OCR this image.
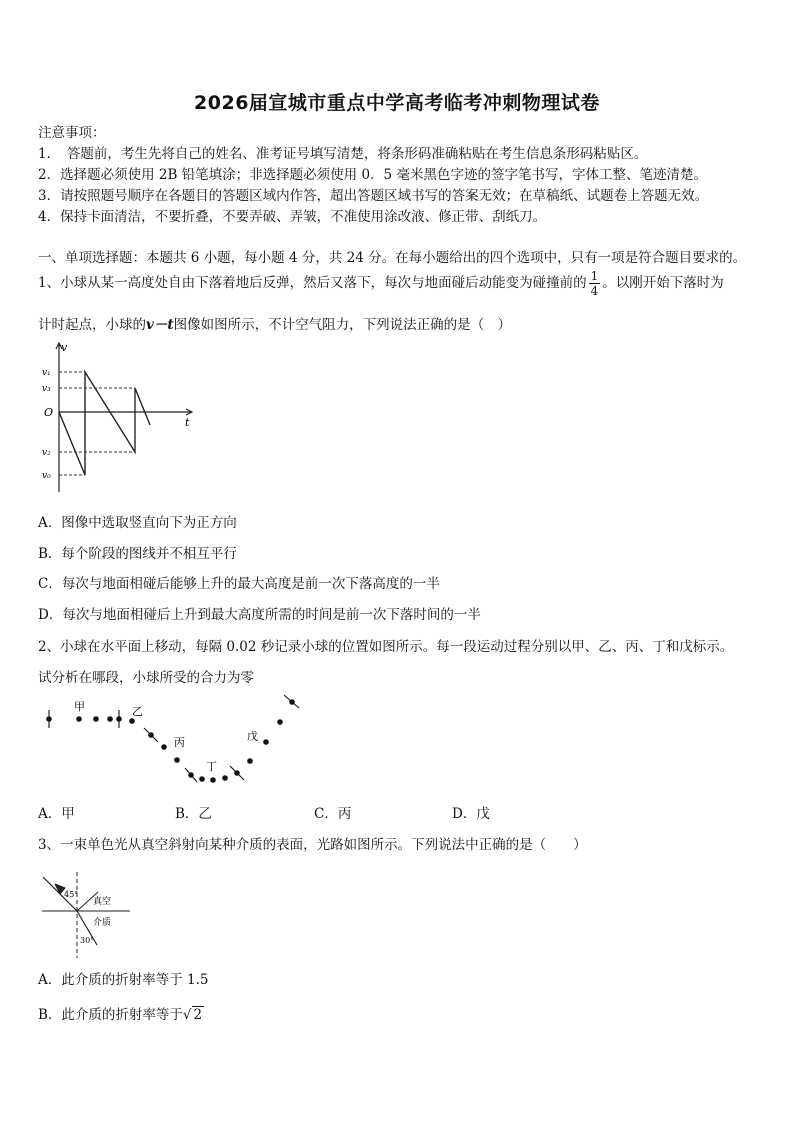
2026届宣城市重点中学高考临考冲刺物理试卷
注意事项：
1．　答题前，考生先将自己的姓名、准考证号填写清楚，将条形码准确粘贴在考生信息条形码粘贴区。
2．选择题必须使用 2B 铅笔填涂；非选择题必须使用 0．5 毫米黑色字迹的签字笔书写，字体工整、笔迹清楚。
3．请按照题号顺序在各题目的答题区域内作答，超出答题区域书写的答案无效；在草稿纸、试题卷上答题无效。
4．保持卡面清洁，不要折叠，不要弄破、弄皱，不准使用涂改液、修正带、刮纸刀。
一、单项选择题：本题共 6 小题，每小题 4 分，共 24 分。在每小题给出的四个选项中，只有一项是符合题目要求的。
1、小球从某一高度处自由下落着地后反弹，然后又落下，每次与地面碰后动能变为碰撞前的 $\frac{1}{4}$ 。以刚开始下落时为
计时起点，小球的v－t图像如图所示，不计空气阻力，下列说法正确的是（　）
v
t
O
v₁
v₃
v₂
v₀
A．图像中选取竖直向下为正方向
B．每个阶段的图线并不相互平行
C．每次与地面相碰后能够上升的最大高度是前一次下落高度的一半
D．每次与地面相碰后上升到最大高度所需的时间是前一次下落时间的一半
2、小球在水平面上移动，每隔 0.02 秒记录小球的位置如图所示。每一段运动过程分别以甲、乙、丙、丁和戊标示。
试分析在哪段，小球所受的合力为零
甲	乙
丙
丁
戊
A．甲	B．乙	C．丙	D．戊
3、一束单色光从真空斜射向某种介质的表面，光路如图所示。下列说法中正确的是（　　）
45°
30°
真空
介质
A．此介质的折射率等于 1.5
B．此介质的折射率等于√ 2
